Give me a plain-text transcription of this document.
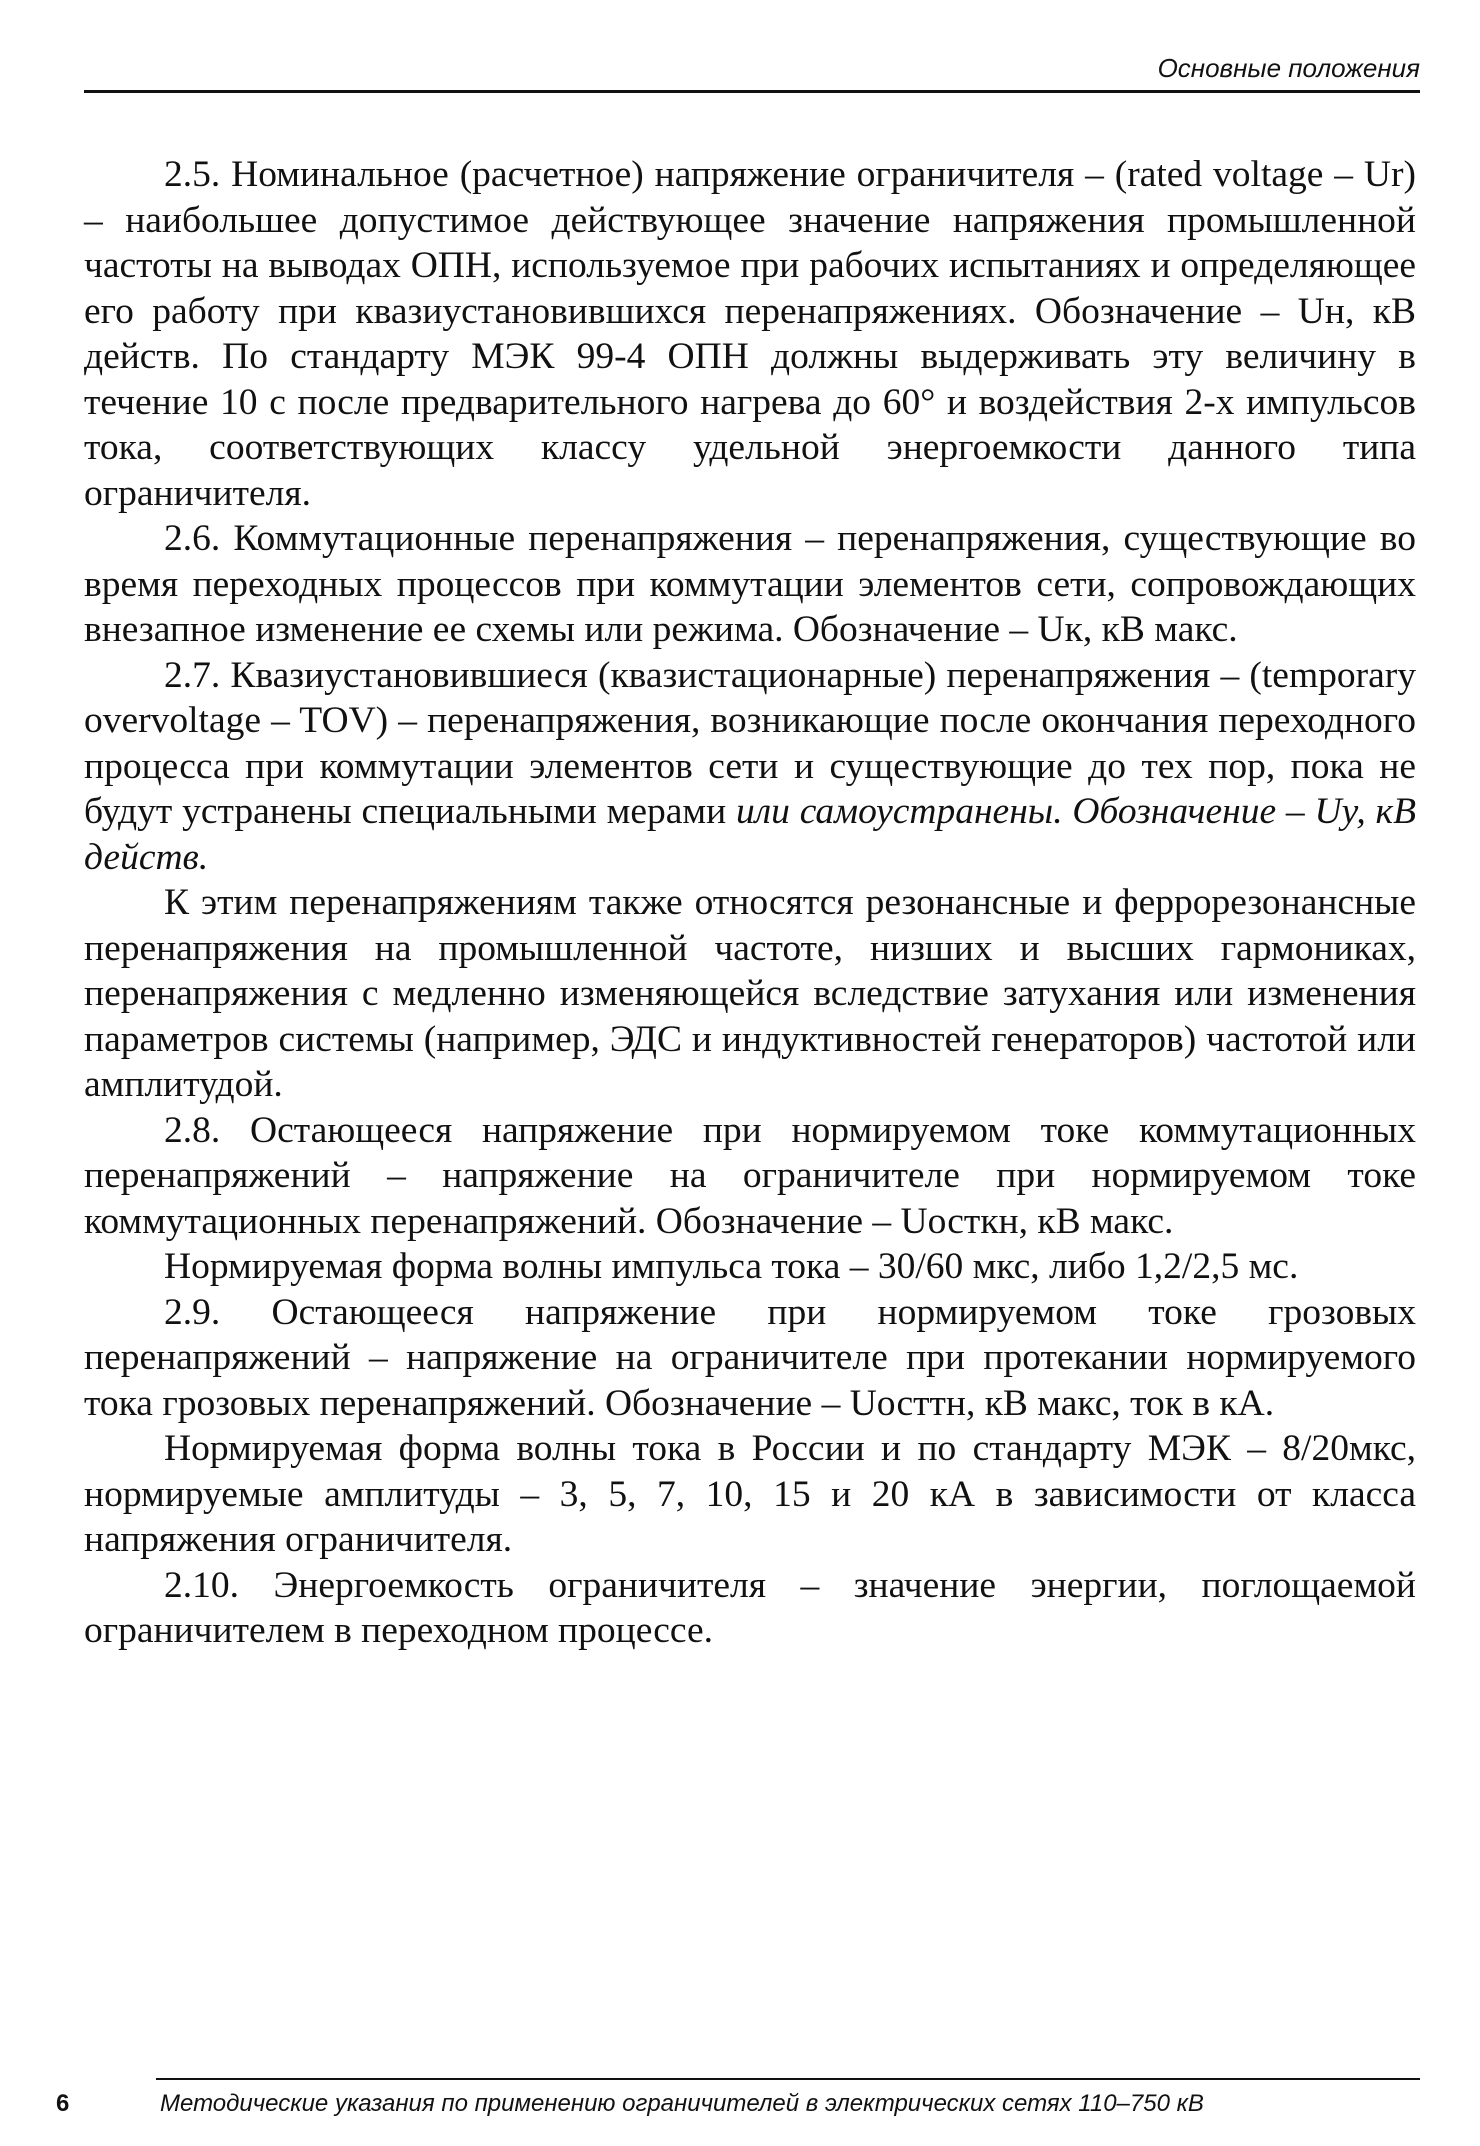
Основные положения

2.5. Номинальное (расчетное) напряжение ограничителя – (rated voltage – Ur) – наибольшее допустимое действующее значение напряжения промышленной частоты на выводах ОПН, используемое при рабочих испытаниях и определяющее его работу при квазиустановившихся перенапряжениях. Обозначение – Uн, кВ действ. По стандарту МЭК 99-4 ОПН должны выдерживать эту величину в течение 10 с после предварительного нагрева до 60° и воздействия 2-х импульсов тока, соответствующих классу удельной энергоемкости данного типа ограничителя.

2.6. Коммутационные перенапряжения – перенапряжения, существующие во время переходных процессов при коммутации элементов сети, сопровождающих внезапное изменение ее схемы или режима. Обозначение – Uк, кВ макс.

2.7. Квазиустановившиеся (квазистационарные) перенапряжения – (temporary overvoltage – TOV) – перенапряжения, возникающие после окончания переходного процесса при коммутации элементов сети и существующие до тех пор, пока не будут устранены специальными мерами или самоустранены. Обозначение – Uу, кВ действ.

К этим перенапряжениям также относятся резонансные и феррорезонансные перенапряжения на промышленной частоте, низших и высших гармониках, перенапряжения с медленно изменяющейся вследствие затухания или изменения параметров системы (например, ЭДС и индуктивностей генераторов) частотой или амплитудой.

2.8. Остающееся напряжение при нормируемом токе коммутационных перенапряжений – напряжение на ограничителе при нормируемом токе коммутационных перенапряжений. Обозначение – Uосткн, кВ макс.

Нормируемая форма волны импульса тока – 30/60 мкс, либо 1,2/2,5 мс.

2.9. Остающееся напряжение при нормируемом токе грозовых перенапряжений – напряжение на ограничителе при протекании нормируемого тока грозовых перенапряжений. Обозначение – Uосттн, кВ макс, ток в кА.

Нормируемая форма волны тока в России и по стандарту МЭК – 8/20мкс, нормируемые амплитуды – 3, 5, 7, 10, 15 и 20 кА в зависимости от класса напряжения ограничителя.

2.10. Энергоемкость ограничителя – значение энергии, поглощаемой ограничителем в переходном процессе.

6	Методические указания по применению ограничителей в электрических сетях 110–750 кВ
